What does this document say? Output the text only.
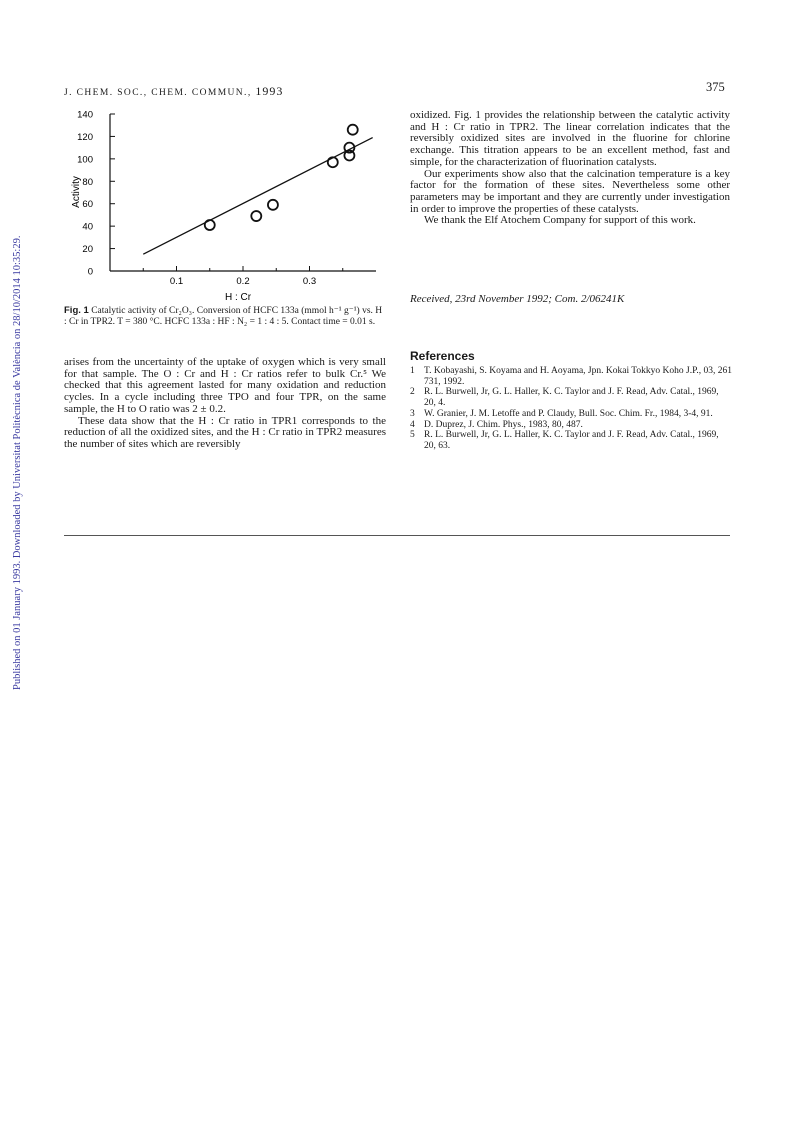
Published on 01 January 1993. Downloaded by Universitat Politècnica de València on 28/10/2014 10:35:29.
J. CHEM. SOC., CHEM. COMMUN., 1993	375
0
20
40
60
80
100
120
140
0.1	0.2	0.3
Activity
H : Cr
Fig. 1 Catalytic activity of Cr₂O₃. Conversion of HCFC 133a (mmol h⁻¹ g⁻¹) vs. H : Cr in TPR2. T = 380 °C. HCFC 133a : HF : N₂ = 1 : 4 : 5. Contact time = 0.01 s.

arises from the uncertainty of the uptake of oxygen which is very small for that sample. The O : Cr and H : Cr ratios refer to bulk Cr.⁵ We checked that this agreement lasted for many oxidation and reduction cycles. In a cycle including three TPO and four TPR, on the same sample, the H to O ratio was 2 ± 0.2.

These data show that the H : Cr ratio in TPR1 corresponds to the reduction of all the oxidized sites, and the H : Cr ratio in TPR2 measures the number of sites which are reversibly

oxidized. Fig. 1 provides the relationship between the catalytic activity and H : Cr ratio in TPR2. The linear correlation indicates that the reversibly oxidized sites are involved in the fluorine for chlorine exchange. This titration appears to be an excellent method, fast and simple, for the characterization of fluorination catalysts.

Our experiments show also that the calcination temperature is a key factor for the formation of these sites. Nevertheless some other parameters may be important and they are currently under investigation in order to improve the properties of these catalysts.

We thank the Elf Atochem Company for support of this work.

Received, 23rd November 1992; Com. 2/06241K
References

1 T. Kobayashi, S. Koyama and H. Aoyama, Jpn. Kokai Tokkyo Koho J.P., 03, 261 731, 1992.

2 R. L. Burwell, Jr, G. L. Haller, K. C. Taylor and J. F. Read, Adv. Catal., 1969, 20, 4.

3 W. Granier, J. M. Letoffe and P. Claudy, Bull. Soc. Chim. Fr., 1984, 3-4, 91.

4 D. Duprez, J. Chim. Phys., 1983, 80, 487.

5 R. L. Burwell, Jr, G. L. Haller, K. C. Taylor and J. F. Read, Adv. Catal., 1969, 20, 63.
